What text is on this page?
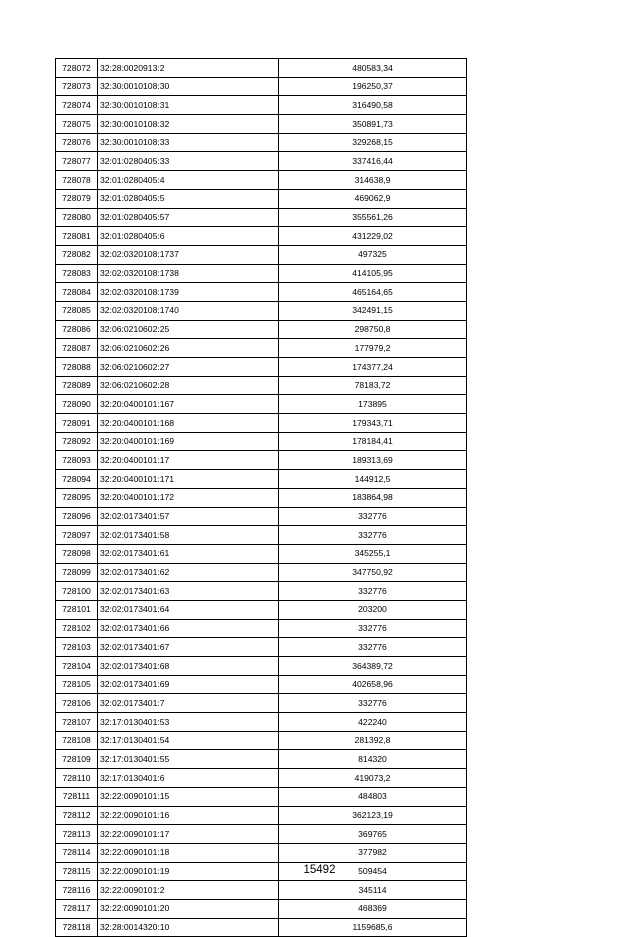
728072	32:28:0020913:2	480583,34
728073	32:30:0010108:30	196250,37
728074	32:30:0010108:31	316490,58
728075	32:30:0010108:32	350891,73
728076	32:30:0010108:33	329268,15
728077	32:01:0280405:33	337416,44
728078	32:01:0280405:4	314638,9
728079	32:01:0280405:5	469062,9
728080	32:01:0280405:57	355561,26
728081	32:01:0280405:6	431229,02
728082	32:02:0320108:1737	497325
728083	32:02:0320108:1738	414105,95
728084	32:02:0320108:1739	465164,65
728085	32:02:0320108:1740	342491,15
728086	32:06:0210602:25	298750,8
728087	32:06:0210602:26	177979,2
728088	32:06:0210602:27	174377,24
728089	32:06:0210602:28	78183,72
728090	32:20:0400101:167	173895
728091	32:20:0400101:168	179343,71
728092	32:20:0400101:169	178184,41
728093	32:20:0400101:17	189313,69
728094	32:20:0400101:171	144912,5
728095	32:20:0400101:172	183864,98
728096	32:02:0173401:57	332776
728097	32:02:0173401:58	332776
728098	32:02:0173401:61	345255,1
728099	32:02:0173401:62	347750,92
728100	32:02:0173401:63	332776
728101	32:02:0173401:64	203200
728102	32:02:0173401:66	332776
728103	32:02:0173401:67	332776
728104	32:02:0173401:68	364389,72
728105	32:02:0173401:69	402658,96
728106	32:02:0173401:7	332776
728107	32:17:0130401:53	422240
728108	32:17:0130401:54	281392,8
728109	32:17:0130401:55	814320
728110	32:17:0130401:6	419073,2
728111	32:22:0090101:15	484803
728112	32:22:0090101:16	362123,19
728113	32:22:0090101:17	369765
728114	32:22:0090101:18	377982
728115	32:22:0090101:19	509454
728116	32:22:0090101:2	345114
728117	32:22:0090101:20	468369
728118	32:28:0014320:10	1159685,6
15492
